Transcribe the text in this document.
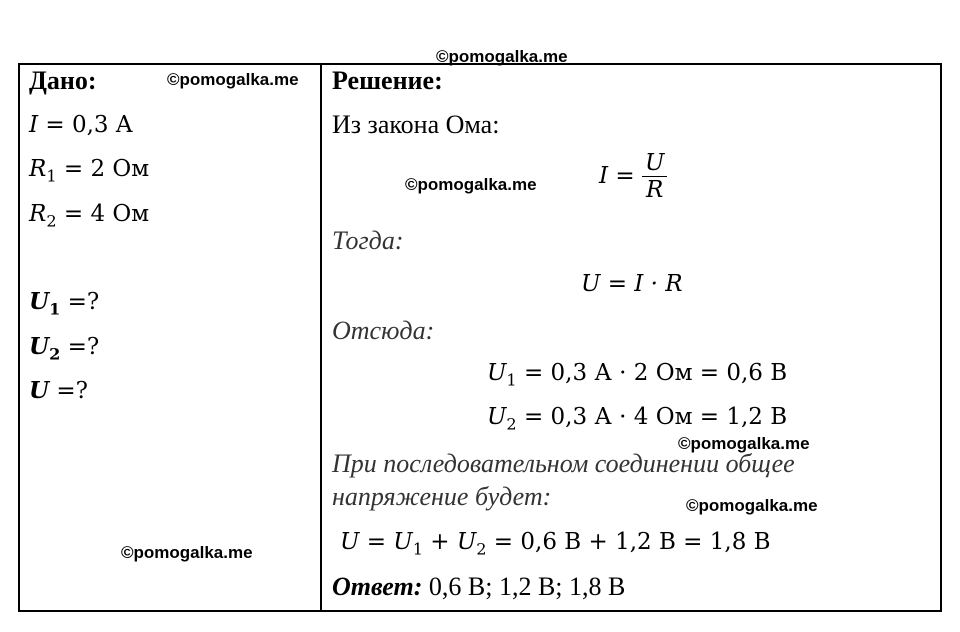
©pomogalka.me
©pomogalka.me
©pomogalka.me
©pomogalka.me
©pomogalka.me
©pomogalka.me
Дано:
I = 0,3 A
$R_1 = 2$ Ом
$R_2 = 4$ Ом
$U_1$ =?
$U_2$ =?
U =?
Решение:
Из закона Ома:
$I = \frac{U}{R}$
Тогда:
U = I · R
Отсюда:
$U_1 = 0,3$ А · 2 Ом = 0,6 В
$U_2 = 0,3$ А · 4 Ом = 1,2 В
При последовательном соединении общее
напряжение будет:
$U = U_1 + U_2 = 0,6$ В + 1,2 В = 1,8 В
Ответ: 0,6 В; 1,2 В; 1,8 В
